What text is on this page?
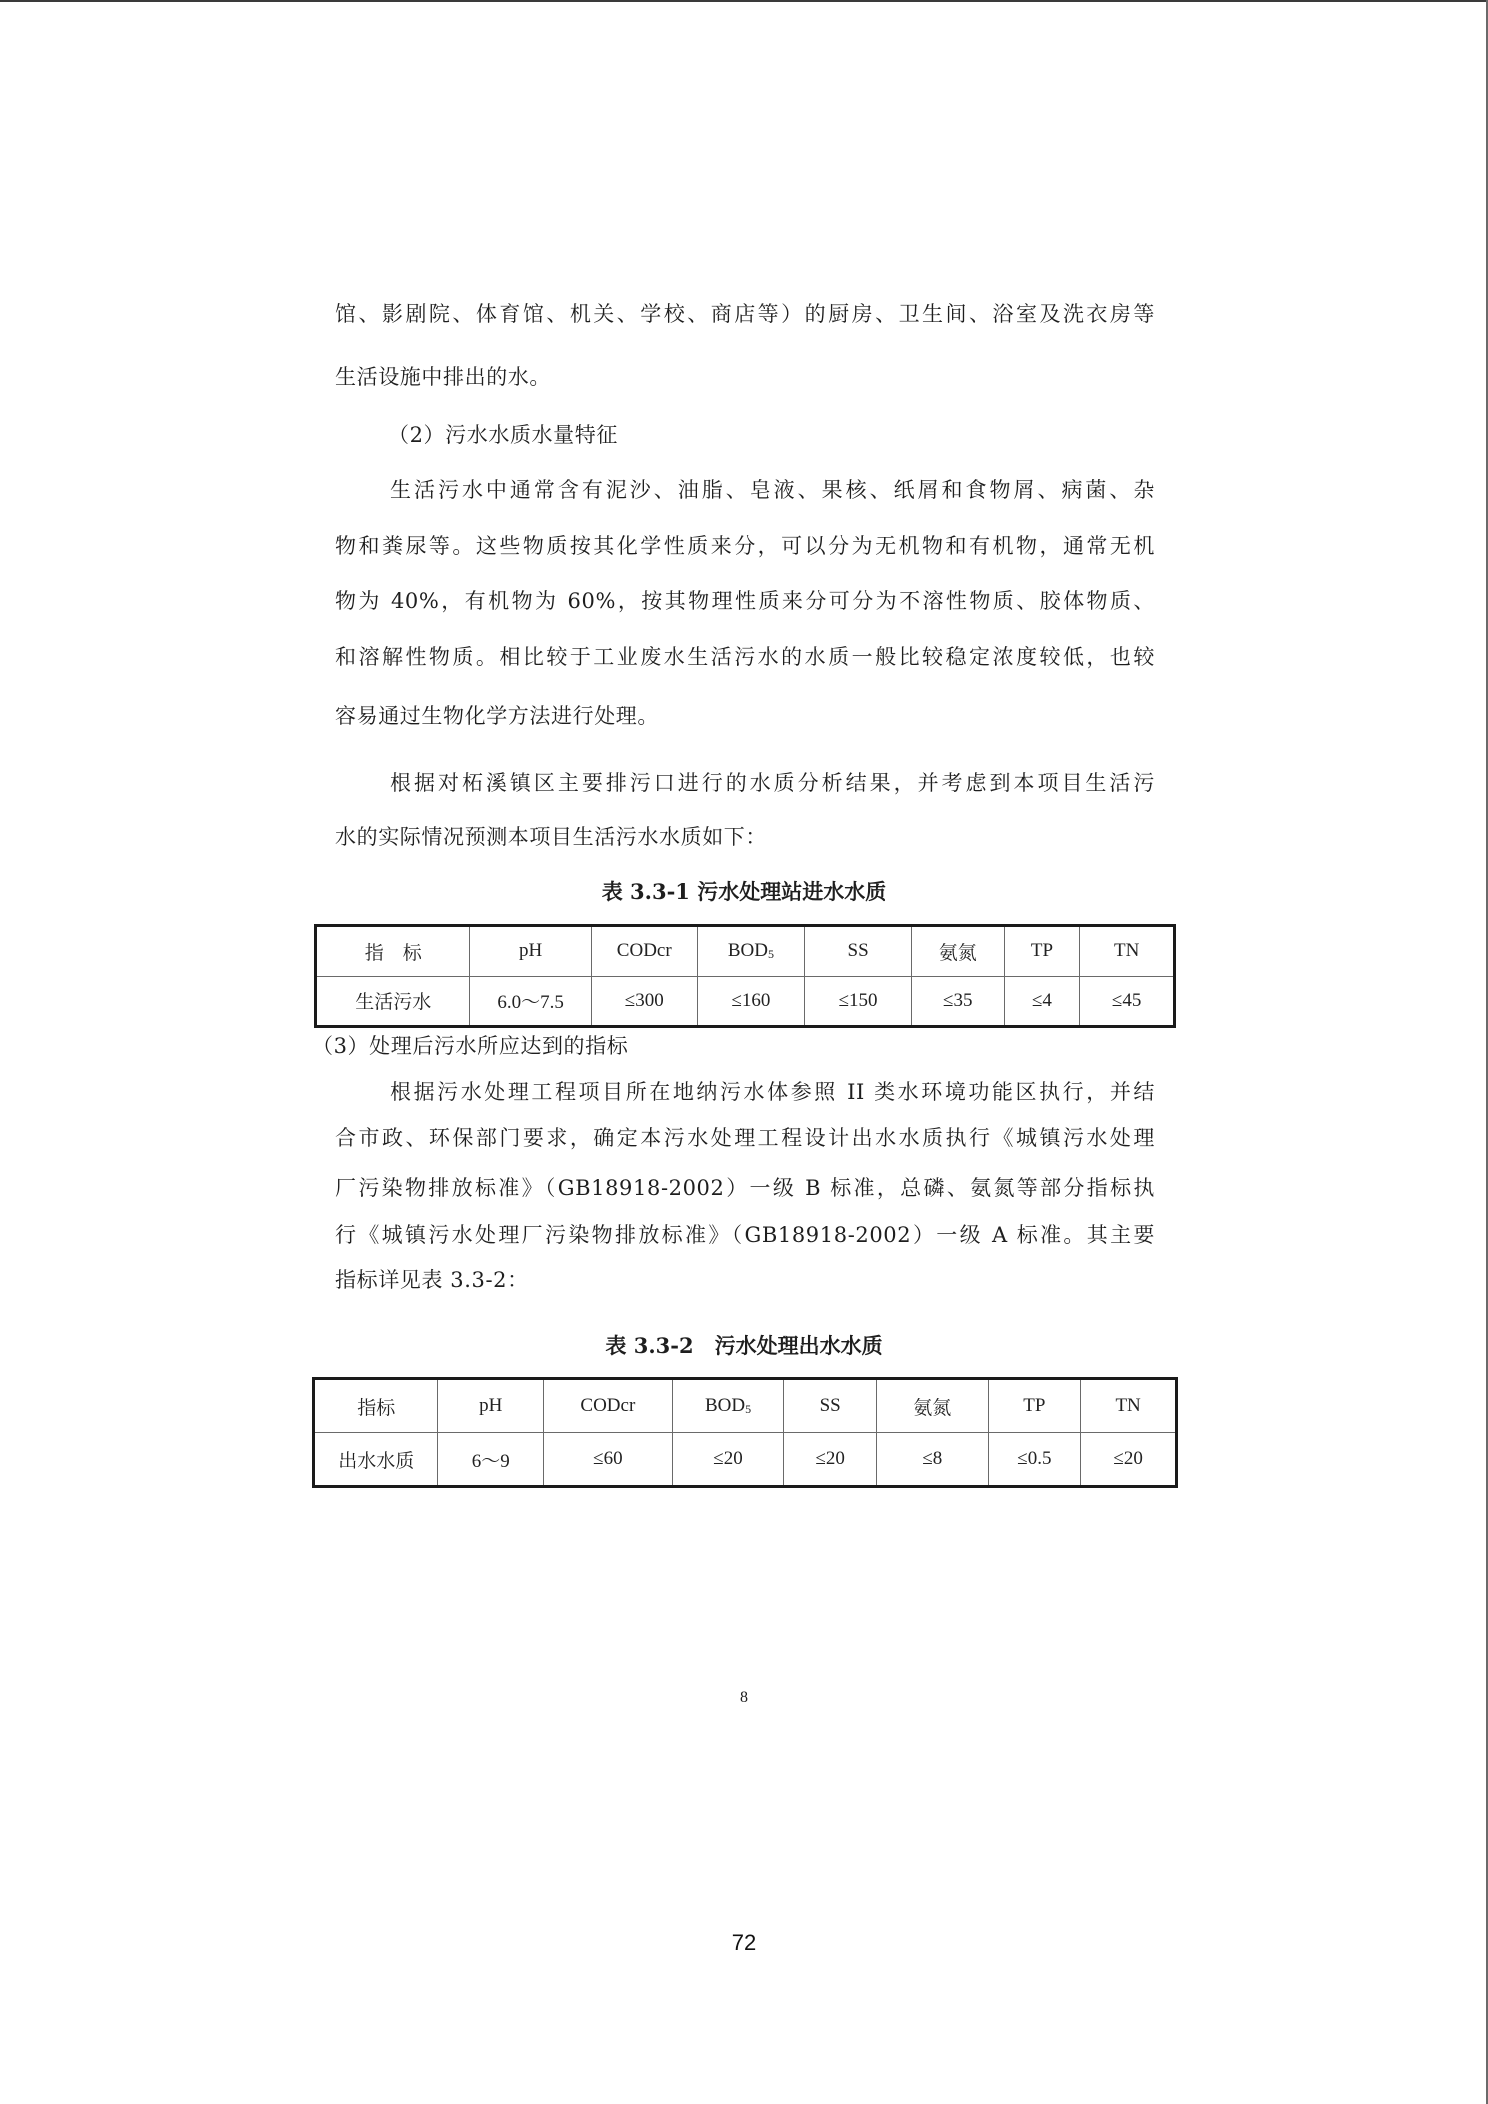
馆、影剧院、体育馆、机关、学校、商店等）的厨房、卫生间、浴室及洗衣房等
生活设施中排出的水。
（2）污水水质水量特征
生活污水中通常含有泥沙、油脂、皂液、果核、纸屑和食物屑、病菌、杂
物和粪尿等。这些物质按其化学性质来分，可以分为无机物和有机物，通常无机
物为 40%，有机物为 60%，按其物理性质来分可分为不溶性物质、胶体物质、
和溶解性物质。相比较于工业废水生活污水的水质一般比较稳定浓度较低，也较
容易通过生物化学方法进行处理。
根据对柘溪镇区主要排污口进行的水质分析结果，并考虑到本项目生活污
水的实际情况预测本项目生活污水水质如下：
表 3.3-1 污水处理站进水水质
指　标	pH	CODcr	$BOD_5$	SS	氨氮	TP	TN
生活污水	6.0～7.5	≤300	≤160	≤150	≤35	≤4	≤45
（3）处理后污水所应达到的指标
根据污水处理工程项目所在地纳污水体参照 II 类水环境功能区执行，并结
合市政、环保部门要求，确定本污水处理工程设计出水水质执行《城镇污水处理
厂污染物排放标准》（GB18918-2002）一级 B 标准，总磷、氨氮等部分指标执
行《城镇污水处理厂污染物排放标准》（GB18918-2002）一级 A 标准。其主要
指标详见表 3.3-2：
表 3.3-2　污水处理出水水质
指标	pH	CODcr	$BOD_5$	SS	氨氮	TP	TN
出水水质	6～9	≤60	≤20	≤20	≤8	≤0.5	≤20
8
72
